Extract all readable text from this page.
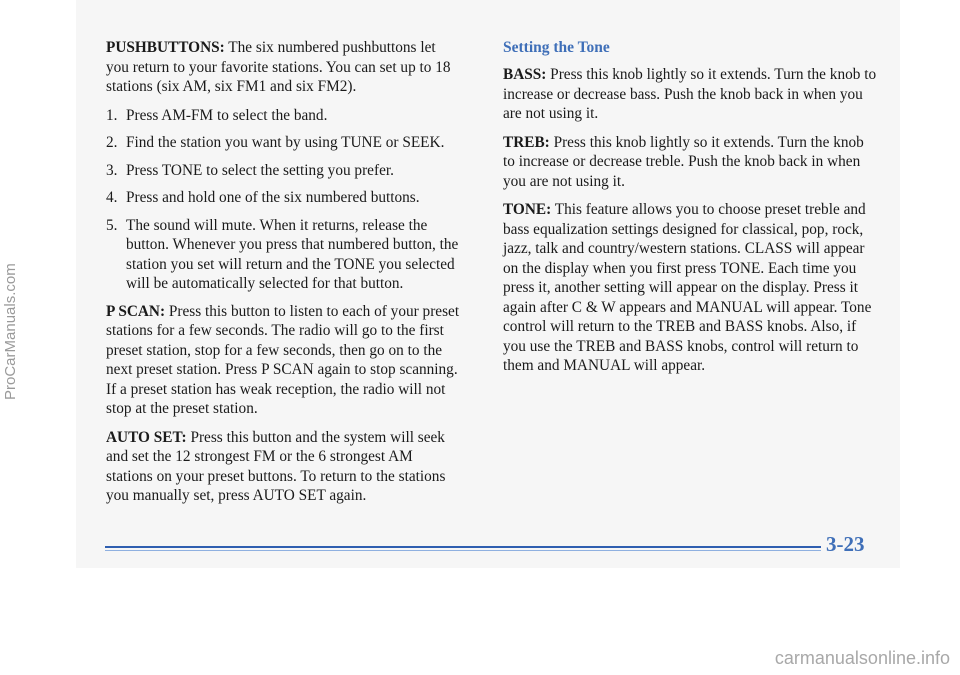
ProCarManuals.com

PUSHBUTTONS: The six numbered pushbuttons let you return to your favorite stations. You can set up to 18 stations (six AM, six FM1 and six FM2).

1. Press AM-FM to select the band.
2. Find the station you want by using TUNE or SEEK.
3. Press TONE to select the setting you prefer.
4. Press and hold one of the six numbered buttons.
5. The sound will mute. When it returns, release the button. Whenever you press that numbered button, the station you set will return and the TONE you selected will be automatically selected for that button.

P SCAN: Press this button to listen to each of your preset stations for a few seconds. The radio will go to the first preset station, stop for a few seconds, then go on to the next preset station. Press P SCAN again to stop scanning. If a preset station has weak reception, the radio will not stop at the preset station.

AUTO SET: Press this button and the system will seek and set the 12 strongest FM or the 6 strongest AM stations on your preset buttons. To return to the stations you manually set, press AUTO SET again.

Setting the Tone

BASS: Press this knob lightly so it extends. Turn the knob to increase or decrease bass. Push the knob back in when you are not using it.

TREB: Press this knob lightly so it extends. Turn the knob to increase or decrease treble. Push the knob back in when you are not using it.

TONE: This feature allows you to choose preset treble and bass equalization settings designed for classical, pop, rock, jazz, talk and country/western stations. CLASS will appear on the display when you first press TONE. Each time you press it, another setting will appear on the display. Press it again after C & W appears and MANUAL will appear. Tone control will return to the TREB and BASS knobs. Also, if you use the TREB and BASS knobs, control will return to them and MANUAL will appear.

3-23
carmanualsonline.info
